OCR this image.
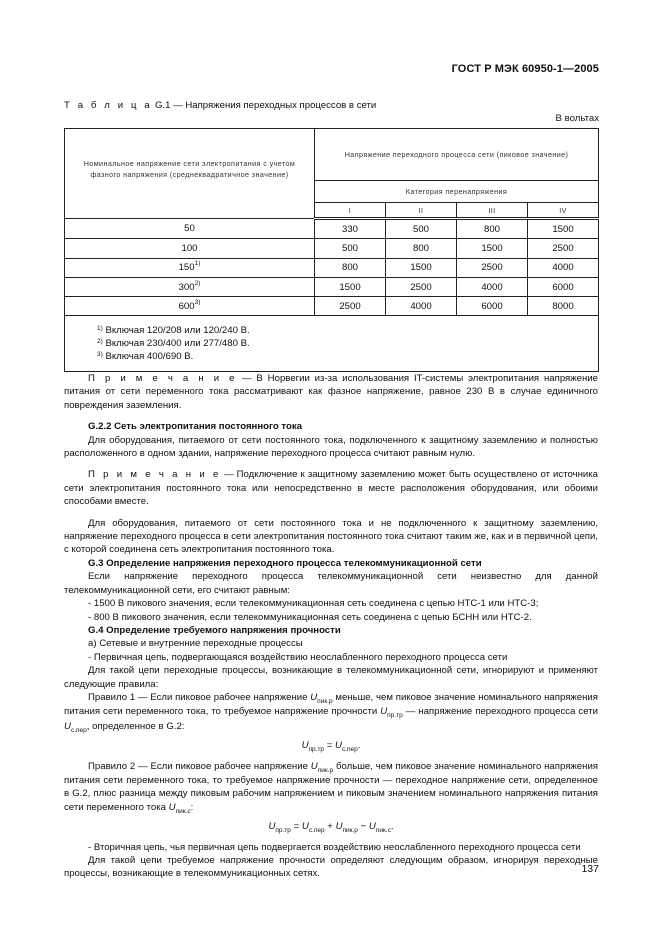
ГОСТ Р МЭК 60950-1—2005
Т а б л и ц а G.1 — Напряжения переходных процессов в сети
В вольтах
Номинальное напряжение сети электропитания с учетом фазного напряжения (среднеквадратичное значение)	Напряжение переходного процесса сети (пиковое значение)			
	Категория перенапряжения			
	I	II	III	IV
50	330	500	800	1500
100	500	800	1500	2500
150$^{1)}$	800	1500	2500	4000
300$^{2)}$	1500	2500	4000	6000
600$^{3)}$	2500	4000	6000	8000

$^{1)}$ Включая 120/208 или 120/240 В.
$^{2)}$ Включая 230/400 или 277/480 В.
$^{3)}$ Включая 400/690 В.				

П р и м е ч а н и е — В Норвегии из-за использования IT-системы электропитания напряжение питания от сети переменного тока рассматривают как фазное напряжение, равное 230 В в случае единичного повреждения заземления.

G.2.2 Сеть электропитания постоянного тока

Для оборудования, питаемого от сети постоянного тока, подключенного к защитному заземлению и полностью расположенного в одном здании, напряжение переходного процесса считают равным нулю.

П р и м е ч а н и е — Подключение к защитному заземлению может быть осуществлено от источника сети электропитания постоянного тока или непосредственно в месте расположения оборудования, или обоими способами вместе.

Для оборудования, питаемого от сети постоянного тока и не подключенного к защитному заземлению, напряжение переходного процесса в сети электропитания постоянного тока считают таким же, как и в первичной цепи, с которой соединена сеть электропитания постоянного тока.

G.3 Определение напряжения переходного процесса телекоммуникационной сети

Если напряжение переходного процесса телекоммуникационной сети неизвестно для данной телекоммуникационной сети, его считают равным:

- 1500 В пикового значения, если телекоммуникационная сеть соединена с цепью НТС-1 или НТС-3;

- 800 В пикового значения, если телекоммуникационная сеть соединена с цепью БСНН или НТС-2.

G.4 Определение требуемого напряжения прочности

а) Сетевые и внутренние переходные процессы

- Первичная цепь, подвергающаяся воздействию неослабленного переходного процесса сети

Для такой цепи переходные процессы, возникающие в телекоммуникационной сети, игнорируют и применяют следующие правила:

Правило 1 — Если пиковое рабочее напряжение $U_{пик.р}$ меньше, чем пиковое значение номинального напряжения питания сети переменного тока, то требуемое напряжение прочности $U_{пр.тр}$ — напряжение переходного процесса сети $U_{с.пер}$, определенное в G.2:

$U_{пр.тр} = U_{с.пер}$.

Правило 2 — Если пиковое рабочее напряжение $U_{пик.р}$ больше, чем пиковое значение номинального напряжения питания сети переменного тока, то требуемое напряжение прочности — переходное напряжение сети, определенное в G.2, плюс разница между пиковым рабочим напряжением и пиковым значением номинального напряжения питания сети переменного тока $U_{пик.с}$:

$U_{пр.тр} = U_{с.пер} + U_{пик.р} - U_{пик.с}$.

- Вторичная цепь, чья первичная цепь подвергается воздействию неослабленного переходного процесса сети

Для такой цепи требуемое напряжение прочности определяют следующим образом, игнорируя переходные процессы, возникающие в телекоммуникационных сетях.	137
